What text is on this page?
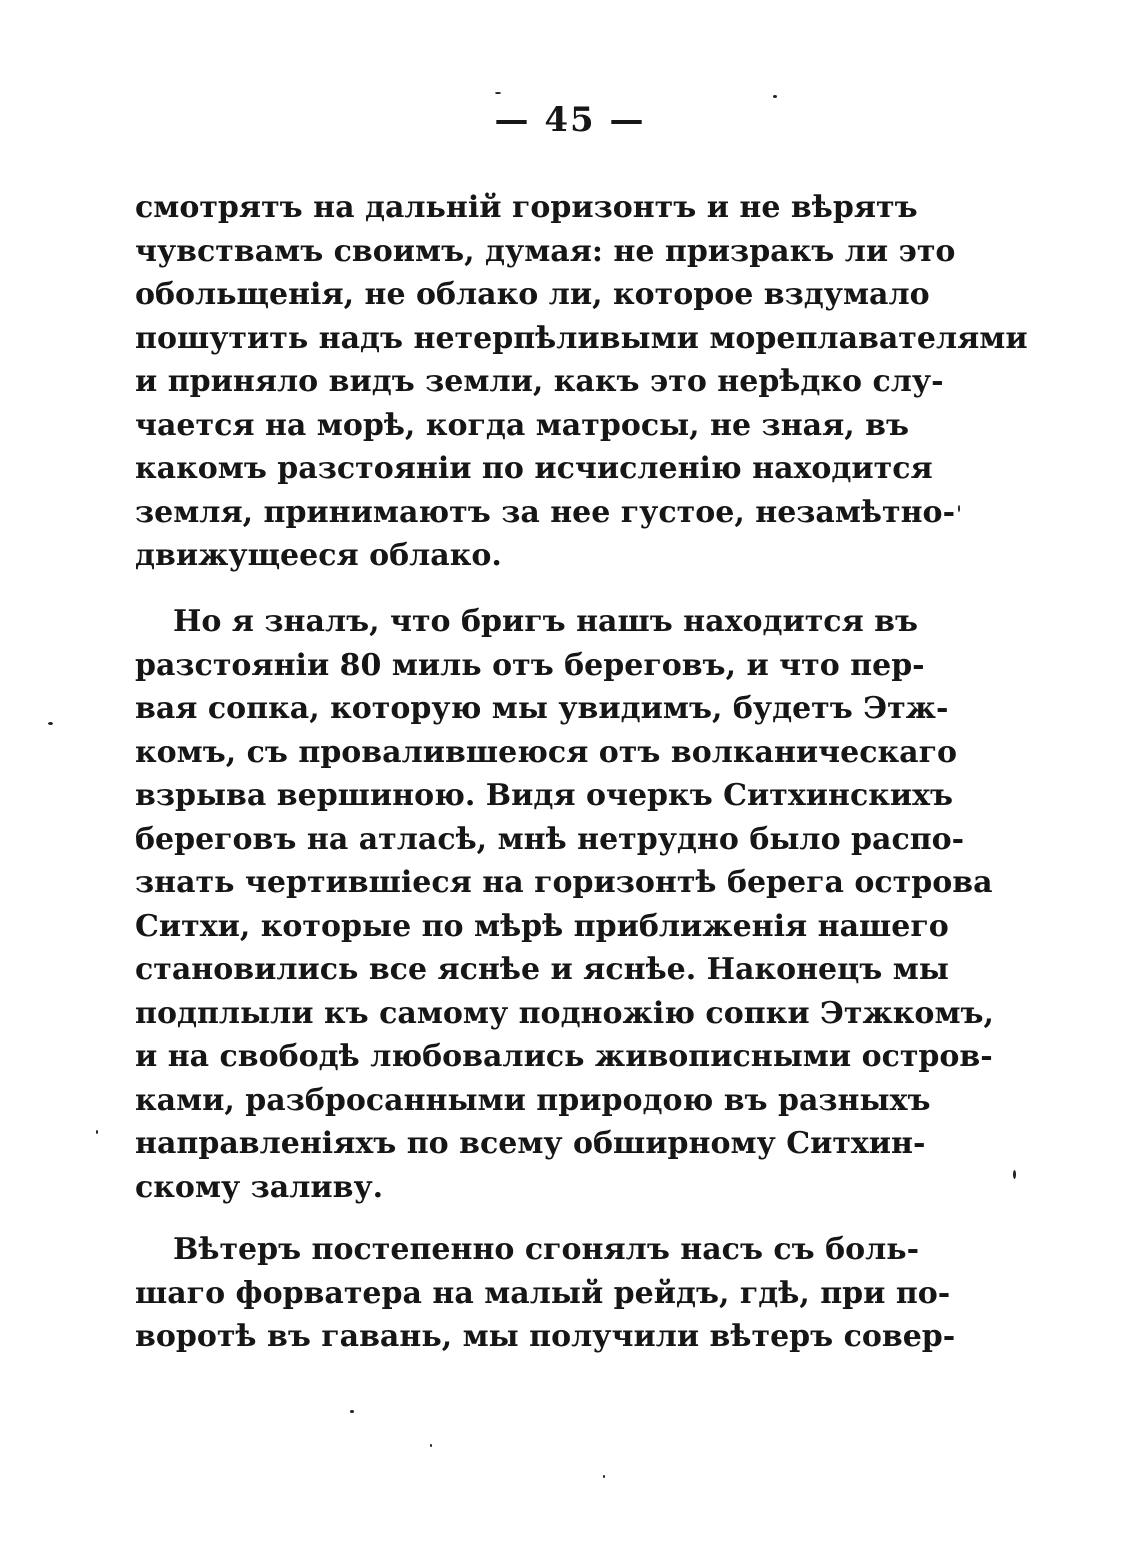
— 45 —
смотрятъ на дальній горизонтъ и не вѣрятъ
чувствамъ своимъ, думая: не призракъ ли это
обольщенія, не облако ли, которое вздумало
пошутить надъ нетерпѣливыми мореплавателями
и приняло видъ земли, какъ это нерѣдко слу-
чается на морѣ, когда матросы, не зная, въ
какомъ разстояніи по исчисленію находится
земля, принимаютъ за нее густое, незамѣтно-
движущееся облако.
Но я зналъ, что бригъ нашъ находится въ
разстояніи 80 миль отъ береговъ, и что пер-
вая сопка, которую мы увидимъ, будетъ Этж-
комъ, съ провалившеюся отъ волканическаго
взрыва вершиною. Видя очеркъ Ситхинскихъ
береговъ на атласѣ, мнѣ нетрудно было распо-
знать чертившіеся на горизонтѣ берега острова
Ситхи, которые по мѣрѣ приближенія нашего
становились все яснѣе и яснѣе. Наконецъ мы
подплыли къ самому подножію сопки Этжкомъ,
и на свободѣ любовались живописными остров-
ками, разбросанными природою въ разныхъ
направленіяхъ по всему обширному Ситхин-
скому заливу.
Вѣтеръ постепенно сгонялъ насъ съ боль-
шаго форватера на малый рейдъ, гдѣ, при по-
воротѣ въ гавань, мы получили вѣтеръ совер-
